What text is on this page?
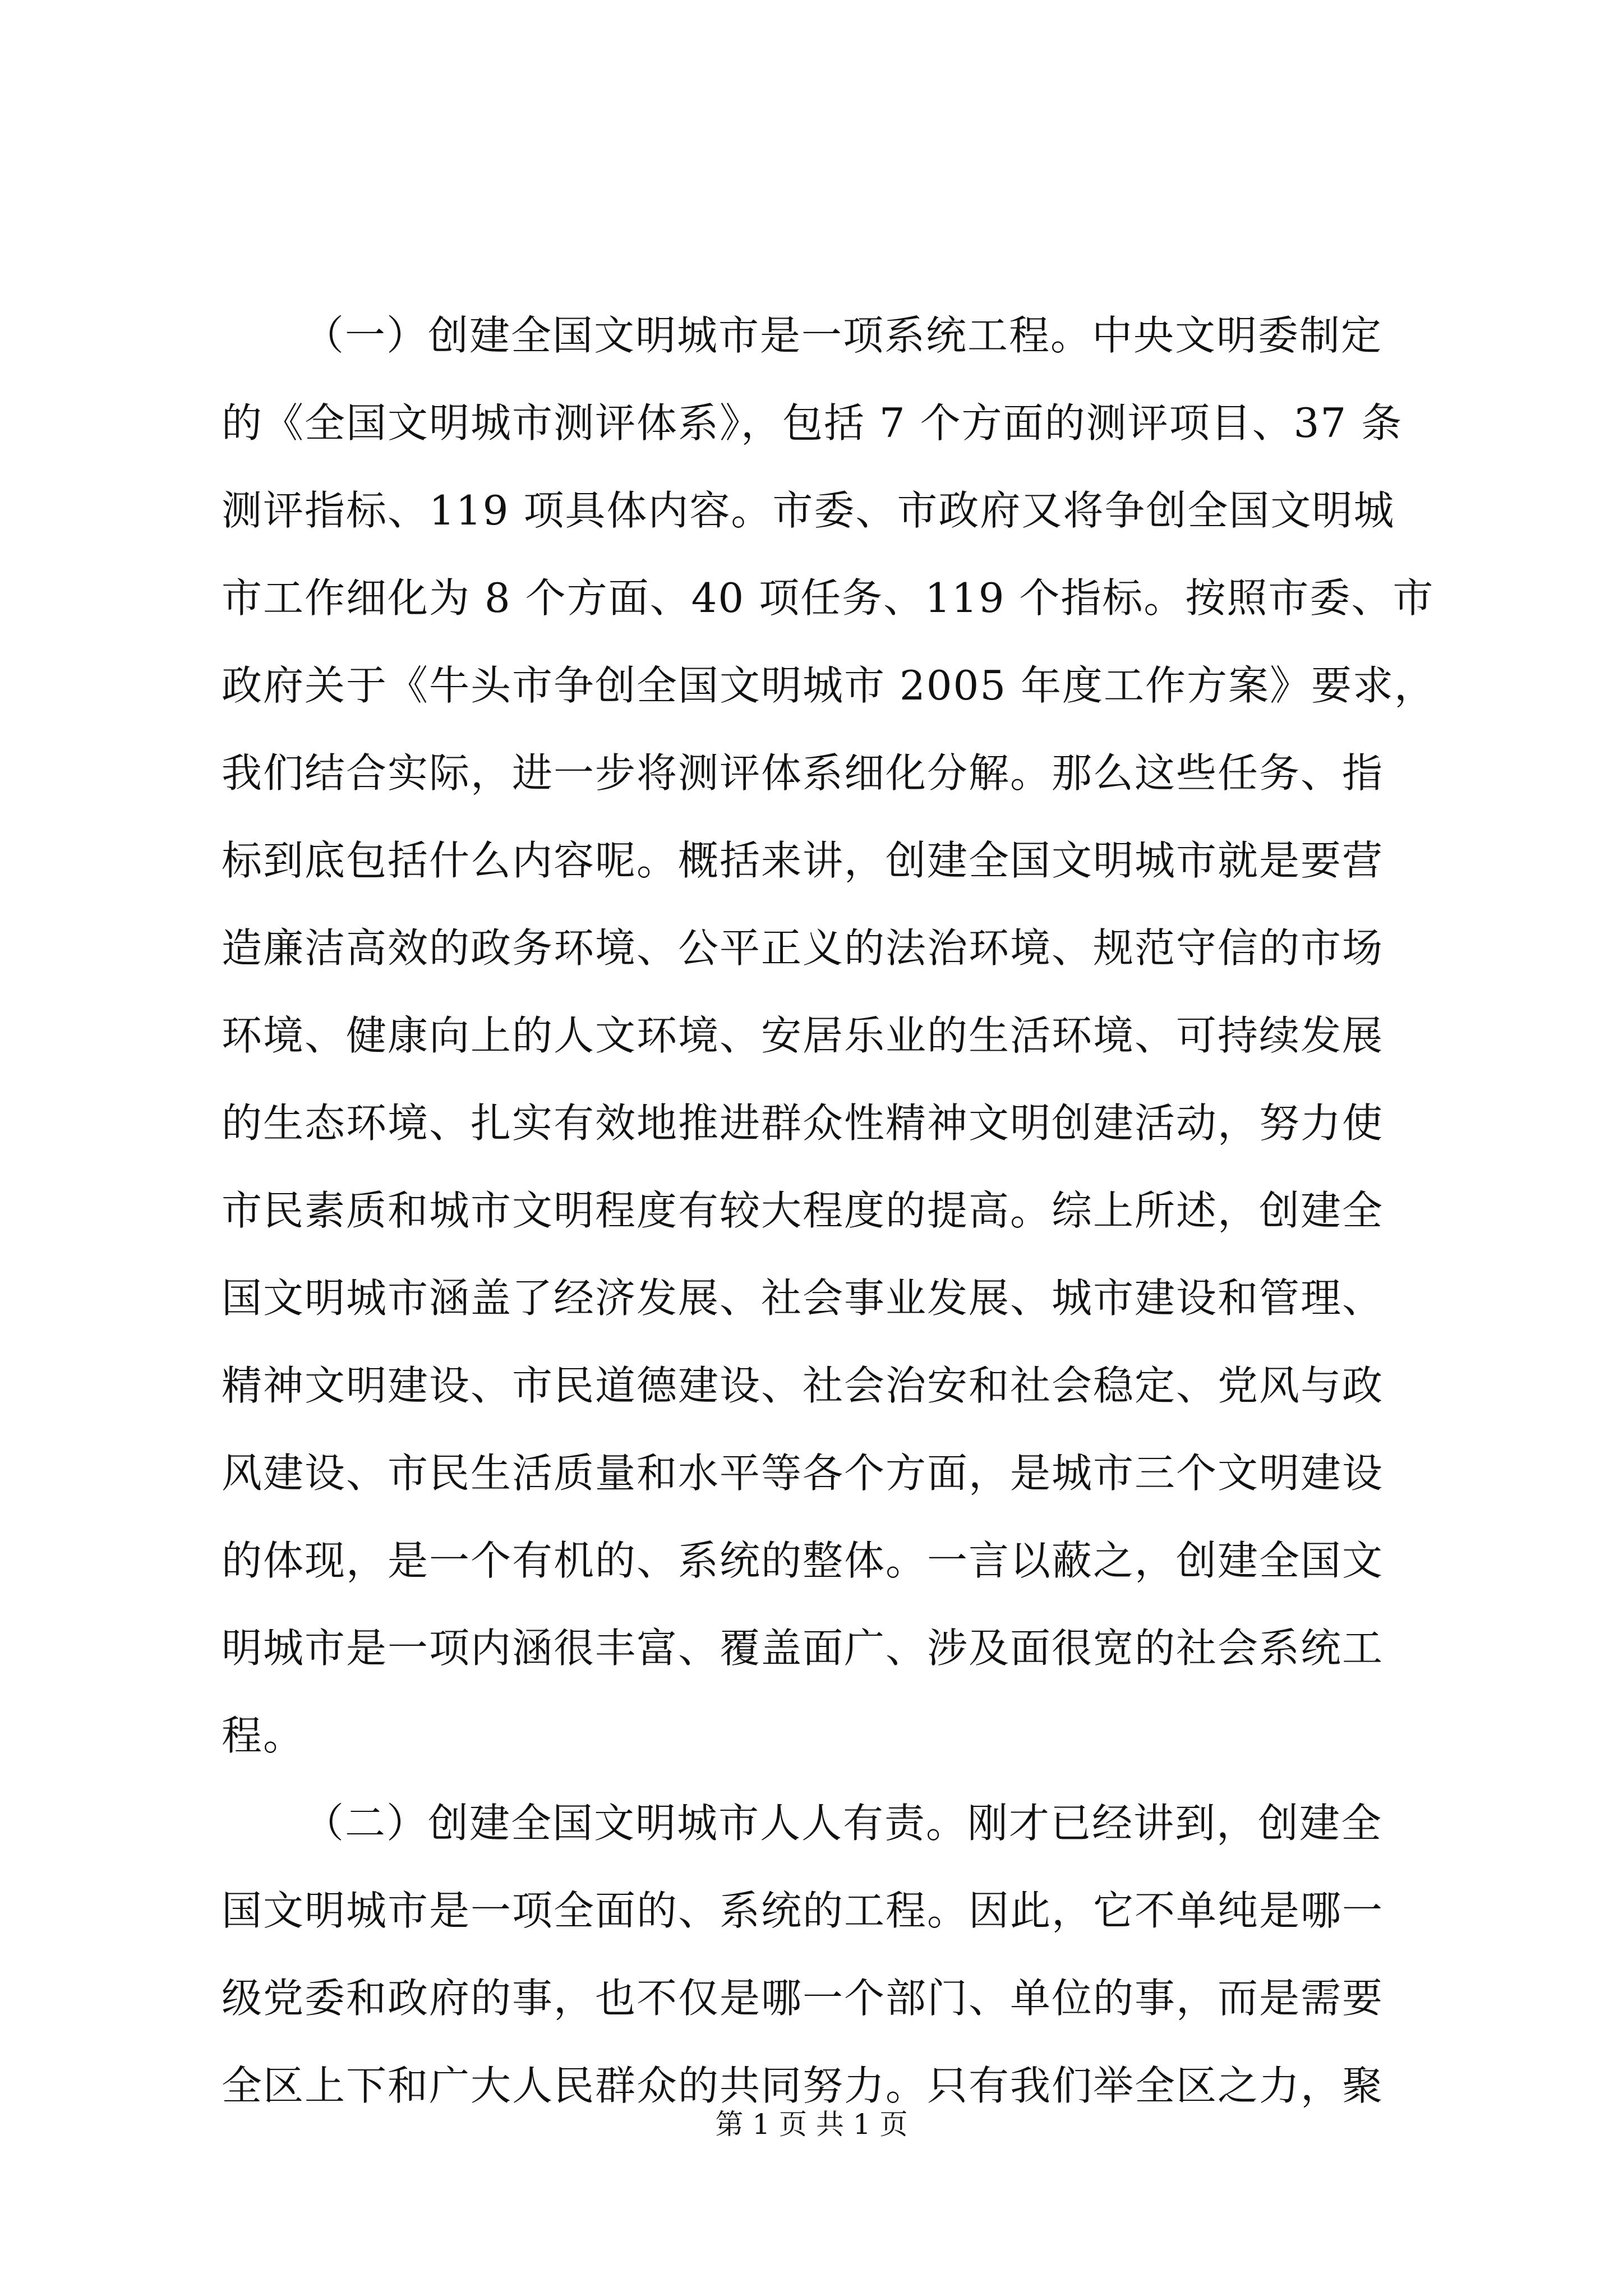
（一）创建全国文明城市是一项系统工程。中央文明委制定
的《全国文明城市测评体系》，包括 7 个方面的测评项目、37 条
测评指标、119 项具体内容。市委、市政府又将争创全国文明城
市工作细化为 8 个方面、40 项任务、119 个指标。按照市委、市
政府关于《牛头市争创全国文明城市 2005 年度工作方案》要求，
我们结合实际，进一步将测评体系细化分解。那么这些任务、指
标到底包括什么内容呢。概括来讲，创建全国文明城市就是要营
造廉洁高效的政务环境、公平正义的法治环境、规范守信的市场
环境、健康向上的人文环境、安居乐业的生活环境、可持续发展
的生态环境、扎实有效地推进群众性精神文明创建活动，努力使
市民素质和城市文明程度有较大程度的提高。综上所述，创建全
国文明城市涵盖了经济发展、社会事业发展、城市建设和管理、
精神文明建设、市民道德建设、社会治安和社会稳定、党风与政
风建设、市民生活质量和水平等各个方面，是城市三个文明建设
的体现，是一个有机的、系统的整体。一言以蔽之，创建全国文
明城市是一项内涵很丰富、覆盖面广、涉及面很宽的社会系统工
程。
（二）创建全国文明城市人人有责。刚才已经讲到，创建全
国文明城市是一项全面的、系统的工程。因此，它不单纯是哪一
级党委和政府的事，也不仅是哪一个部门、单位的事，而是需要
全区上下和广大人民群众的共同努力。只有我们举全区之力，聚
第 1 页 共 1 页
